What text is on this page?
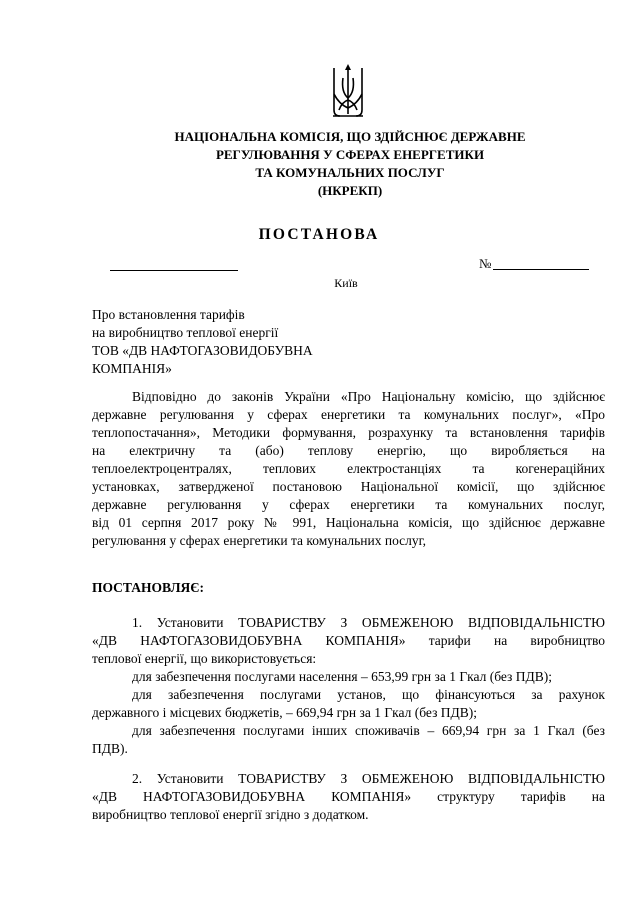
НАЦІОНАЛЬНА КОМІСІЯ, ЩО ЗДІЙСНЮЄ ДЕРЖАВНЕ
РЕГУЛЮВАННЯ У СФЕРАХ ЕНЕРГЕТИКИ
ТА КОМУНАЛЬНИХ ПОСЛУГ
(НКРЕКП)
ПОСТАНОВА
№
Київ
Про встановлення тарифів
на виробництво теплової енергії
ТОВ «ДВ НАФТОГАЗОВИДОБУВНА
КОМПАНІЯ»
Відповідно до законів України «Про Національну комісію, що здійснює
державне регулювання у сферах енергетики та комунальних послуг», «Про
теплопостачання», Методики формування, розрахунку та встановлення тарифів
на електричну та (або) теплову енергію, що виробляється на
теплоелектроцентралях, теплових електростанціях та когенераційних
установках, затвердженої постановою Національної комісії, що здійснює
державне регулювання у сферах енергетики та комунальних послуг,
від 01 серпня 2017 року № 991, Національна комісія, що здійснює державне
регулювання у сферах енергетики та комунальних послуг,
ПОСТАНОВЛЯЄ:
1. Установити ТОВАРИСТВУ З ОБМЕЖЕНОЮ ВІДПОВІДАЛЬНІСТЮ
«ДВ НАФТОГАЗОВИДОБУВНА КОМПАНІЯ» тарифи на виробництво
теплової енергії, що використовується:
для забезпечення послугами населення – 653,99 грн за 1 Гкал (без ПДВ);
для забезпечення послугами установ, що фінансуються за рахунок
державного і місцевих бюджетів, – 669,94 грн за 1 Гкал (без ПДВ);
для забезпечення послугами інших споживачів – 669,94 грн за 1 Гкал (без
ПДВ).
2. Установити ТОВАРИСТВУ З ОБМЕЖЕНОЮ ВІДПОВІДАЛЬНІСТЮ
«ДВ НАФТОГАЗОВИДОБУВНА КОМПАНІЯ» структуру тарифів на
виробництво теплової енергії згідно з додатком.
